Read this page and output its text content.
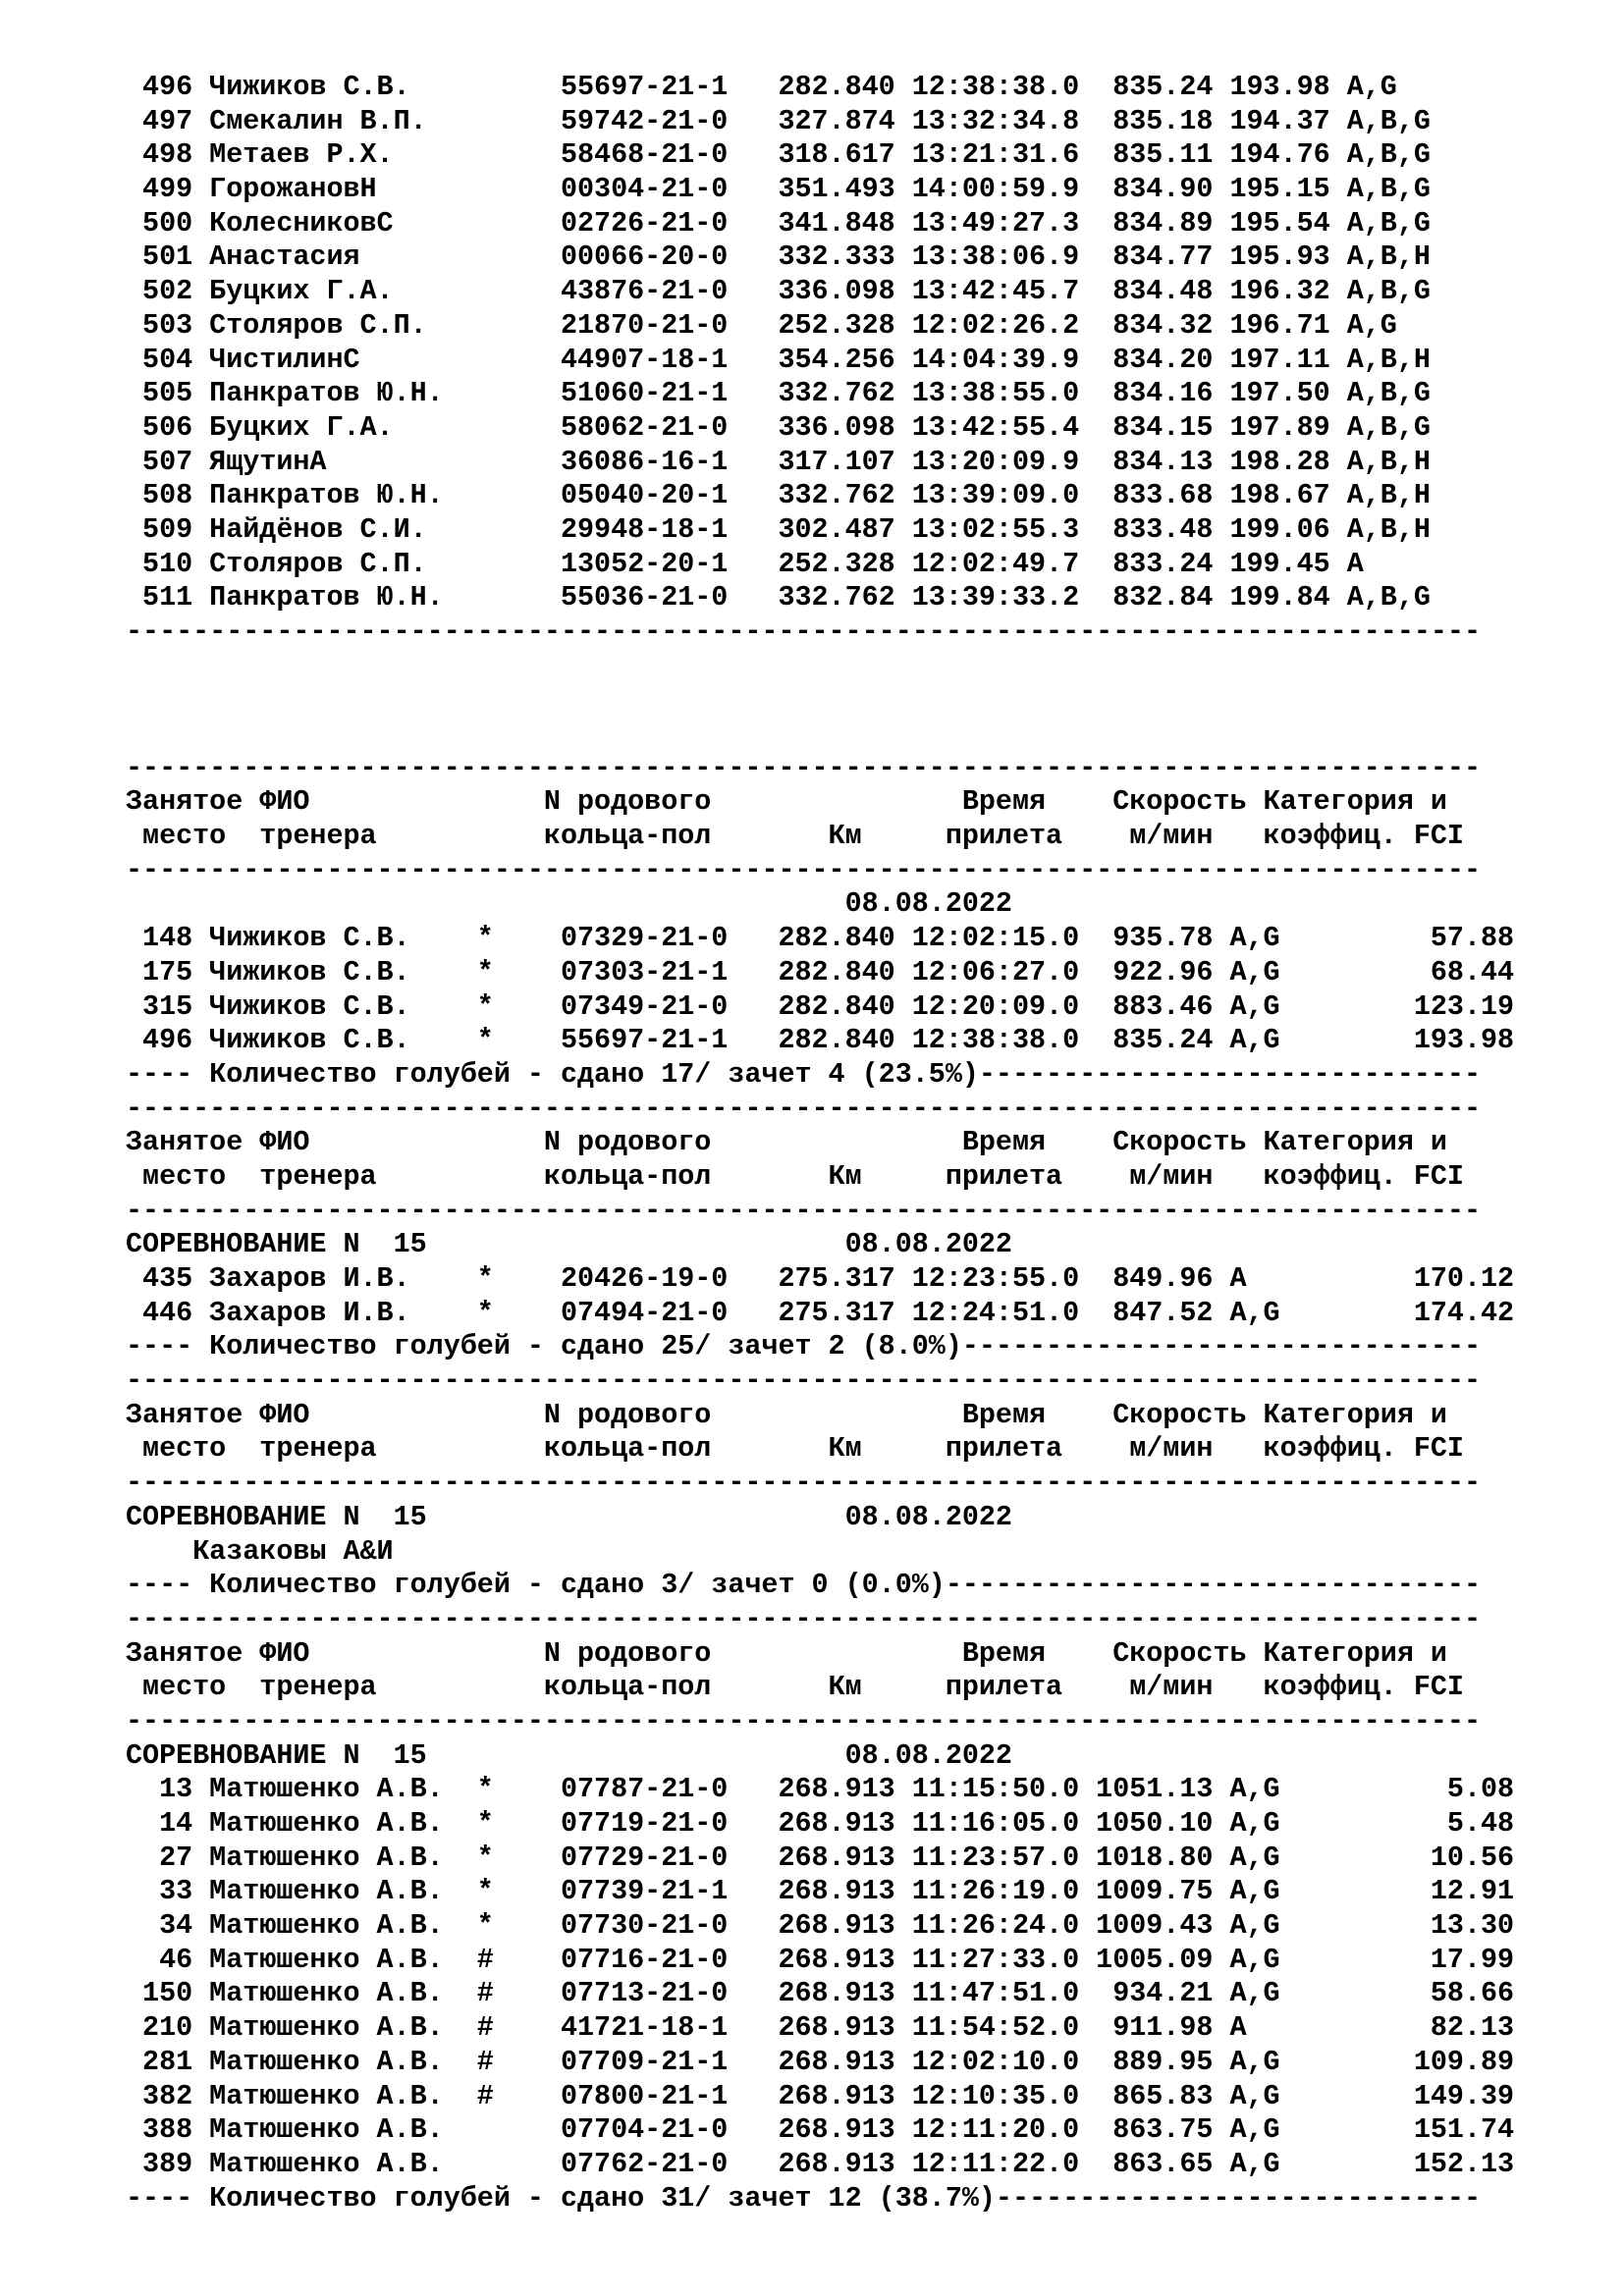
496 Чижиков С.В.         55697-21-1   282.840 12:38:38.0  835.24 193.98 A,G
497 Смекалин В.П.        59742-21-0   327.874 13:32:34.8  835.18 194.37 A,B,G
498 Метаев Р.Х.          58468-21-0   318.617 13:21:31.6  835.11 194.76 A,B,G
499 ГорожановН           00304-21-0   351.493 14:00:59.9  834.90 195.15 A,B,G
500 КолесниковС          02726-21-0   341.848 13:49:27.3  834.89 195.54 A,B,G
501 Анастасия            00066-20-0   332.333 13:38:06.9  834.77 195.93 A,B,H
502 Буцких Г.А.          43876-21-0   336.098 13:42:45.7  834.48 196.32 A,B,G
503 Столяров С.П.        21870-21-0   252.328 12:02:26.2  834.32 196.71 A,G
504 ЧистилинС            44907-18-1   354.256 14:04:39.9  834.20 197.11 A,B,H
505 Панкратов Ю.Н.       51060-21-1   332.762 13:38:55.0  834.16 197.50 A,B,G
506 Буцких Г.А.          58062-21-0   336.098 13:42:55.4  834.15 197.89 A,B,G
507 ЯщутинА              36086-16-1   317.107 13:20:09.9  834.13 198.28 A,B,H
508 Панкратов Ю.Н.       05040-20-1   332.762 13:39:09.0  833.68 198.67 A,B,H
509 Найдёнов С.И.        29948-18-1   302.487 13:02:55.3  833.48 199.06 A,B,H
510 Столяров С.П.        13052-20-1   252.328 12:02:49.7  833.24 199.45 A
511 Панкратов Ю.Н.       55036-21-0   332.762 13:39:33.2  832.84 199.84 A,B,G
---------------------------------------------------------------------------------
---------------------------------------------------------------------------------
Занятое ФИО              N родового               Время    Скорость Категория и
место  тренера          кольца-пол       Км     прилета    м/мин   коэффиц. FCI
---------------------------------------------------------------------------------
08.08.2022
148 Чижиков С.В.    *    07329-21-0   282.840 12:02:15.0  935.78 A,G         57.88
175 Чижиков С.В.    *    07303-21-1   282.840 12:06:27.0  922.96 A,G         68.44
315 Чижиков С.В.    *    07349-21-0   282.840 12:20:09.0  883.46 A,G        123.19
496 Чижиков С.В.    *    55697-21-1   282.840 12:38:38.0  835.24 A,G        193.98
---- Количество голубей - сдано 17/ зачет 4 (23.5%)------------------------------
---------------------------------------------------------------------------------
Занятое ФИО              N родового               Время    Скорость Категория и
место  тренера          кольца-пол       Км     прилета    м/мин   коэффиц. FCI
---------------------------------------------------------------------------------
СОРЕВНОВАНИЕ N  15                         08.08.2022
435 Захаров И.В.    *    20426-19-0   275.317 12:23:55.0  849.96 A          170.12
446 Захаров И.В.    *    07494-21-0   275.317 12:24:51.0  847.52 A,G        174.42
---- Количество голубей - сдано 25/ зачет 2 (8.0%)-------------------------------
---------------------------------------------------------------------------------
Занятое ФИО              N родового               Время    Скорость Категория и
место  тренера          кольца-пол       Км     прилета    м/мин   коэффиц. FCI
---------------------------------------------------------------------------------
СОРЕВНОВАНИЕ N  15                         08.08.2022
Казаковы А&И
---- Количество голубей - сдано 3/ зачет 0 (0.0%)--------------------------------
---------------------------------------------------------------------------------
Занятое ФИО              N родового               Время    Скорость Категория и
место  тренера          кольца-пол       Км     прилета    м/мин   коэффиц. FCI
---------------------------------------------------------------------------------
СОРЕВНОВАНИЕ N  15                         08.08.2022
13 Матюшенко А.В.  *    07787-21-0   268.913 11:15:50.0 1051.13 A,G          5.08
14 Матюшенко А.В.  *    07719-21-0   268.913 11:16:05.0 1050.10 A,G          5.48
27 Матюшенко А.В.  *    07729-21-0   268.913 11:23:57.0 1018.80 A,G         10.56
33 Матюшенко А.В.  *    07739-21-1   268.913 11:26:19.0 1009.75 A,G         12.91
34 Матюшенко А.В.  *    07730-21-0   268.913 11:26:24.0 1009.43 A,G         13.30
46 Матюшенко А.В.  #    07716-21-0   268.913 11:27:33.0 1005.09 A,G         17.99
150 Матюшенко А.В.  #    07713-21-0   268.913 11:47:51.0  934.21 A,G         58.66
210 Матюшенко А.В.  #    41721-18-1   268.913 11:54:52.0  911.98 A           82.13
281 Матюшенко А.В.  #    07709-21-1   268.913 12:02:10.0  889.95 A,G        109.89
382 Матюшенко А.В.  #    07800-21-1   268.913 12:10:35.0  865.83 A,G        149.39
388 Матюшенко А.В.       07704-21-0   268.913 12:11:20.0  863.75 A,G        151.74
389 Матюшенко А.В.       07762-21-0   268.913 12:11:22.0  863.65 A,G        152.13
---- Количество голубей - сдано 31/ зачет 12 (38.7%)-----------------------------
